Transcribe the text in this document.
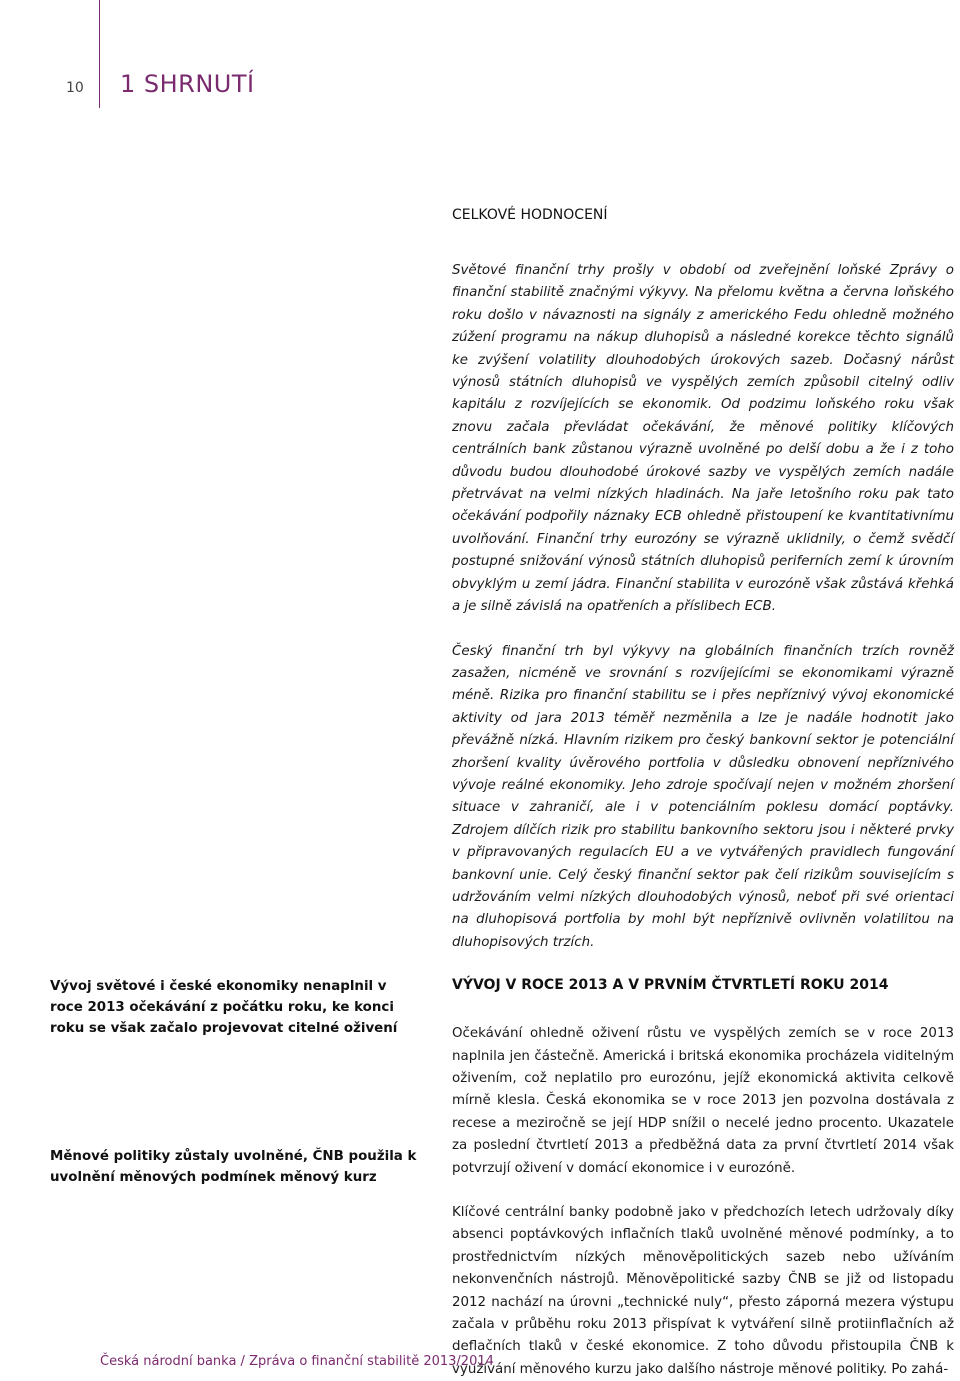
10 1 SHRNUTÍ
CELKOVÉ HODNOCENÍ

Světové finanční trhy prošly v období od zveřejnění loňské Zprávy o finanční stabilitě značnými výkyvy. Na přelomu května a června loňského roku došlo v návaznosti na signály z amerického Fedu ohledně možného zúžení programu na nákup dluhopisů a následné korekce těchto signálů ke zvýšení volatility dlouhodobých úrokových sazeb. Dočasný nárůst výnosů státních dluhopisů ve vyspělých zemích způsobil citelný odliv kapitálu z rozvíjejících se ekonomik. Od podzimu loňského roku však znovu začala převládat očekávání, že měnové politiky klíčových centrálních bank zůstanou výrazně uvolněné po delší dobu a že i z toho důvodu budou dlouhodobé úrokové sazby ve vyspělých zemích nadále přetrvávat na velmi nízkých hladinách. Na jaře letošního roku pak tato očekávání podpořily náznaky ECB ohledně přistoupení ke kvantitativnímu uvolňování. Finanční trhy eurozóny se výrazně uklidnily, o čemž svědčí postupné snižování výnosů státních dluhopisů periferních zemí k úrovním obvyklým u zemí jádra. Finanční stabilita v eurozóně však zůstává křehká a je silně závislá na opatřeních a příslibech ECB.

Český finanční trh byl výkyvy na globálních finančních trzích rovněž zasažen, nicméně ve srovnání s rozvíjejícími se ekonomikami výrazně méně. Rizika pro finanční stabilitu se i přes nepříznivý vývoj ekonomické aktivity od jara 2013 téměř nezměnila a lze je nadále hodnotit jako převážně nízká. Hlavním rizikem pro český bankovní sektor je potenciální zhoršení kvality úvěrového portfolia v důsledku obnovení nepříznivého vývoje reálné ekonomiky. Jeho zdroje spočívají nejen v možném zhoršení situace v zahraničí, ale i v potenciálním poklesu domácí poptávky. Zdrojem dílčích rizik pro stabilitu bankovního sektoru jsou i některé prvky v připravovaných regulacích EU a ve vytvářených pravidlech fungování bankovní unie. Celý český finanční sektor pak čelí rizikům souvisejícím s udržováním velmi nízkých dlouhodobých výnosů, neboť při své orientaci na dluhopisová portfolia by mohl být nepříznivě ovlivněn volatilitou na dluhopisových trzích.

VÝVOJ V ROCE 2013 A V PRVNÍM ČTVRTLETÍ ROKU 2014

Očekávání ohledně oživení růstu ve vyspělých zemích se v roce 2013 naplnila jen částečně. Americká i britská ekonomika procházela viditelným oživením, což neplatilo pro eurozónu, jejíž ekonomická aktivita celkově mírně klesla. Česká ekonomika se v roce 2013 jen pozvolna dostávala z recese a meziročně se její HDP snížil o necelé jedno procento. Ukazatele za poslední čtvrtletí 2013 a předběžná data za první čtvrtletí 2014 však potvrzují oživení v domácí ekonomice i v eurozóně.

Klíčové centrální banky podobně jako v předchozích letech udržovaly díky absenci poptávkových inflačních tlaků uvolněné měnové podmínky, a to prostřednictvím nízkých měnověpolitických sazeb nebo užíváním nekonvenčních nástrojů. Měnověpolitické sazby ČNB se již od listopadu 2012 nachází na úrovni „technické nuly“, přesto záporná mezera výstupu začala v průběhu roku 2013 přispívat k vytváření silně protiinflačních až deflačních tlaků v české ekonomice. Z toho důvodu přistoupila ČNB k využívání měnového kurzu jako dalšího nástroje měnové politiky. Po zahá-

Vývoj světové i české ekonomiky nenaplnil v roce 2013 očekávání z počátku roku, ke konci roku se však začalo projevovat citelné oživení

Měnové politiky zůstaly uvolněné, ČNB použila k uvolnění měnových podmínek měnový kurz

Česká národní banka / Zpráva o finanční stabilitě 2013/2014
